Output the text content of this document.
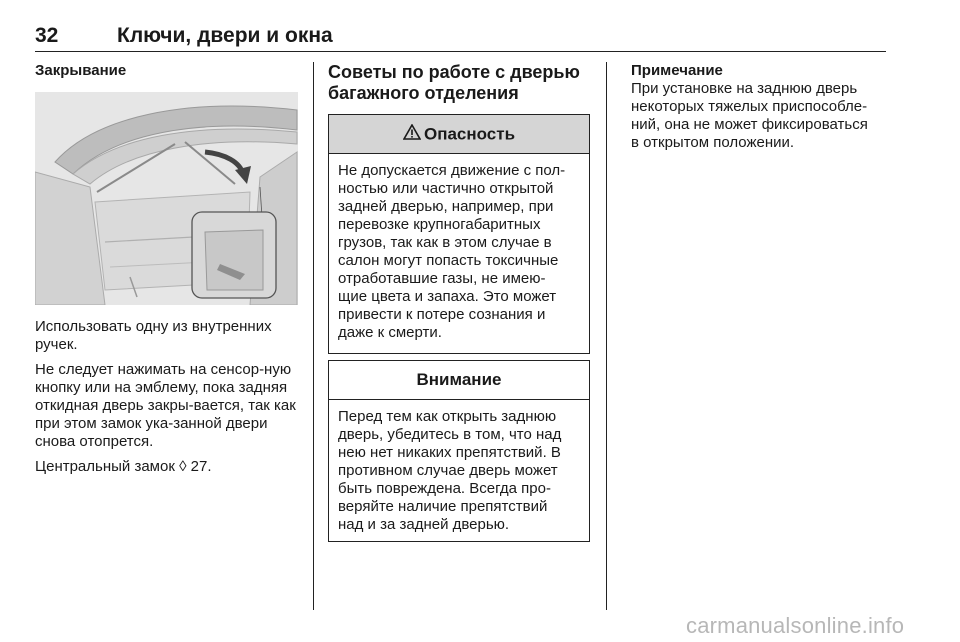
32	Ключи, двери и окна
Закрывание

Использовать одну из внутренних ручек.

Не следует нажимать на сенсор-ную кнопку или на эмблему, пока задняя откидная дверь закры-вается, так как при этом замок ука-занной двери снова отопрется.

Центральный замок ◊ 27.

Советы по работе с дверью
багажного отделения
Опасность
Не допускается движение с пол-
ностью или частично открытой
задней дверью, например, при
перевозке крупногабаритных
грузов, так как в этом случае в
салон могут попасть токсичные
отработавшие газы, не имею-
щие цвета и запаха. Это может
привести к потере сознания и
даже к смерти.
Внимание
Перед тем как открыть заднюю
дверь, убедитесь в том, что над
нею нет никаких препятствий. В
противном случае дверь может
быть повреждена. Всегда про-
веряйте наличие препятствий
над и за задней дверью.
Примечание
При установке на заднюю дверь
некоторых тяжелых приспособле-
ний, она не может фиксироваться
в открытом положении.
carmanualsonline.info
